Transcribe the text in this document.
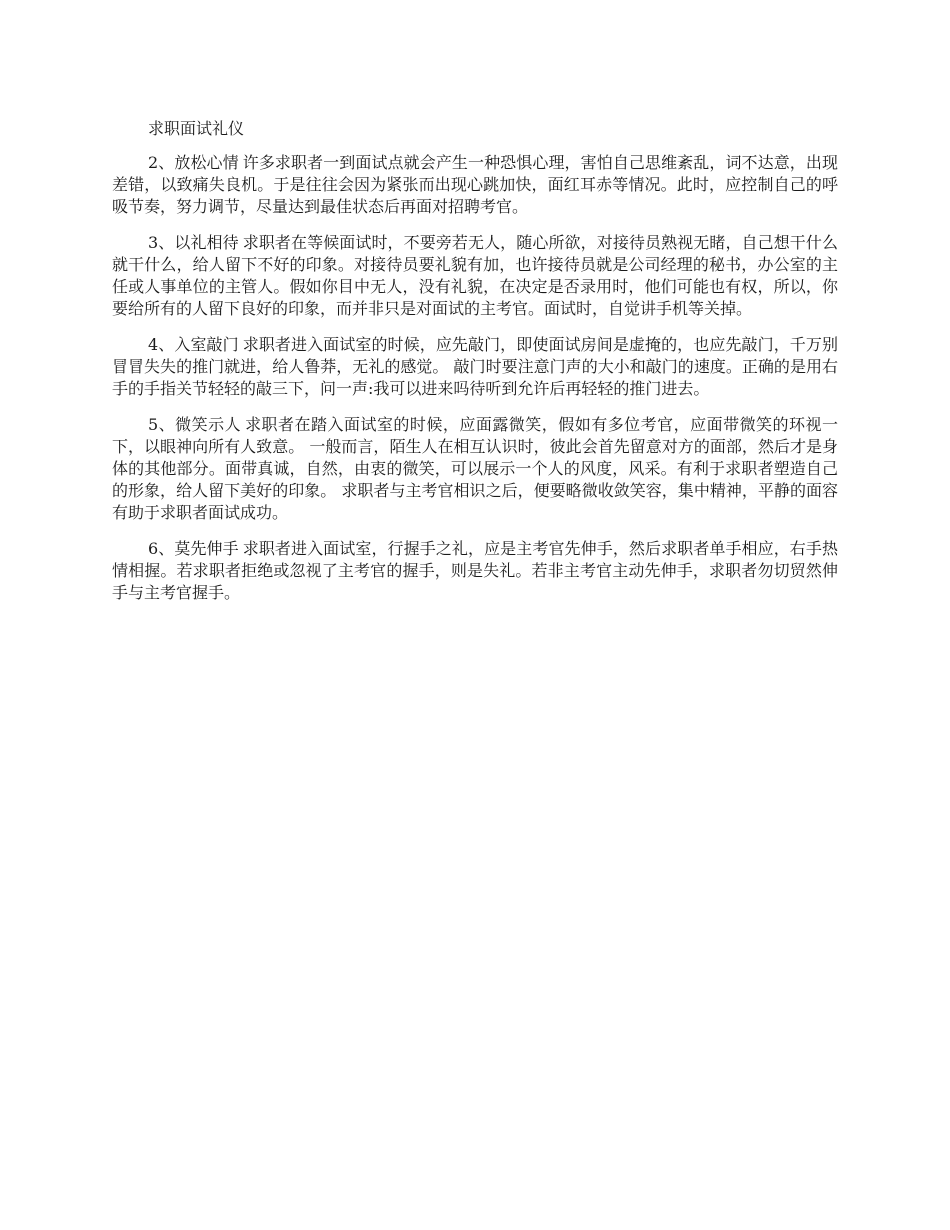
求职面试礼仪

2、放松心情 许多求职者一到面试点就会产生一种恐惧心理，害怕自己思维紊乱，词不达意，出现差错，以致痛失良机。于是往往会因为紧张而出现心跳加快，面红耳赤等情况。此时，应控制自己的呼吸节奏，努力调节，尽量达到最佳状态后再面对招聘考官。

3、以礼相待 求职者在等候面试时，不要旁若无人，随心所欲，对接待员熟视无睹，自己想干什么就干什么，给人留下不好的印象。对接待员要礼貌有加，也许接待员就是公司经理的秘书，办公室的主任或人事单位的主管人。假如你目中无人，没有礼貌，在决定是否录用时，他们可能也有权，所以，你要给所有的人留下良好的印象，而并非只是对面试的主考官。面试时，自觉讲手机等关掉。

4、入室敲门 求职者进入面试室的时候，应先敲门，即使面试房间是虚掩的，也应先敲门，千万别冒冒失失的推门就进，给人鲁莽，无礼的感觉。 敲门时要注意门声的大小和敲门的速度。正确的是用右手的手指关节轻轻的敲三下，问一声:我可以进来吗待听到允许后再轻轻的推门进去。

5、微笑示人 求职者在踏入面试室的时候，应面露微笑，假如有多位考官，应面带微笑的环视一下，以眼神向所有人致意。 一般而言，陌生人在相互认识时，彼此会首先留意对方的面部，然后才是身体的其他部分。面带真诚，自然，由衷的微笑，可以展示一个人的风度，风采。有利于求职者塑造自己的形象，给人留下美好的印象。 求职者与主考官相识之后，便要略微收敛笑容，集中精神，平静的面容有助于求职者面试成功。

6、莫先伸手 求职者进入面试室，行握手之礼，应是主考官先伸手，然后求职者单手相应，右手热情相握。若求职者拒绝或忽视了主考官的握手，则是失礼。若非主考官主动先伸手，求职者勿切贸然伸手与主考官握手。
